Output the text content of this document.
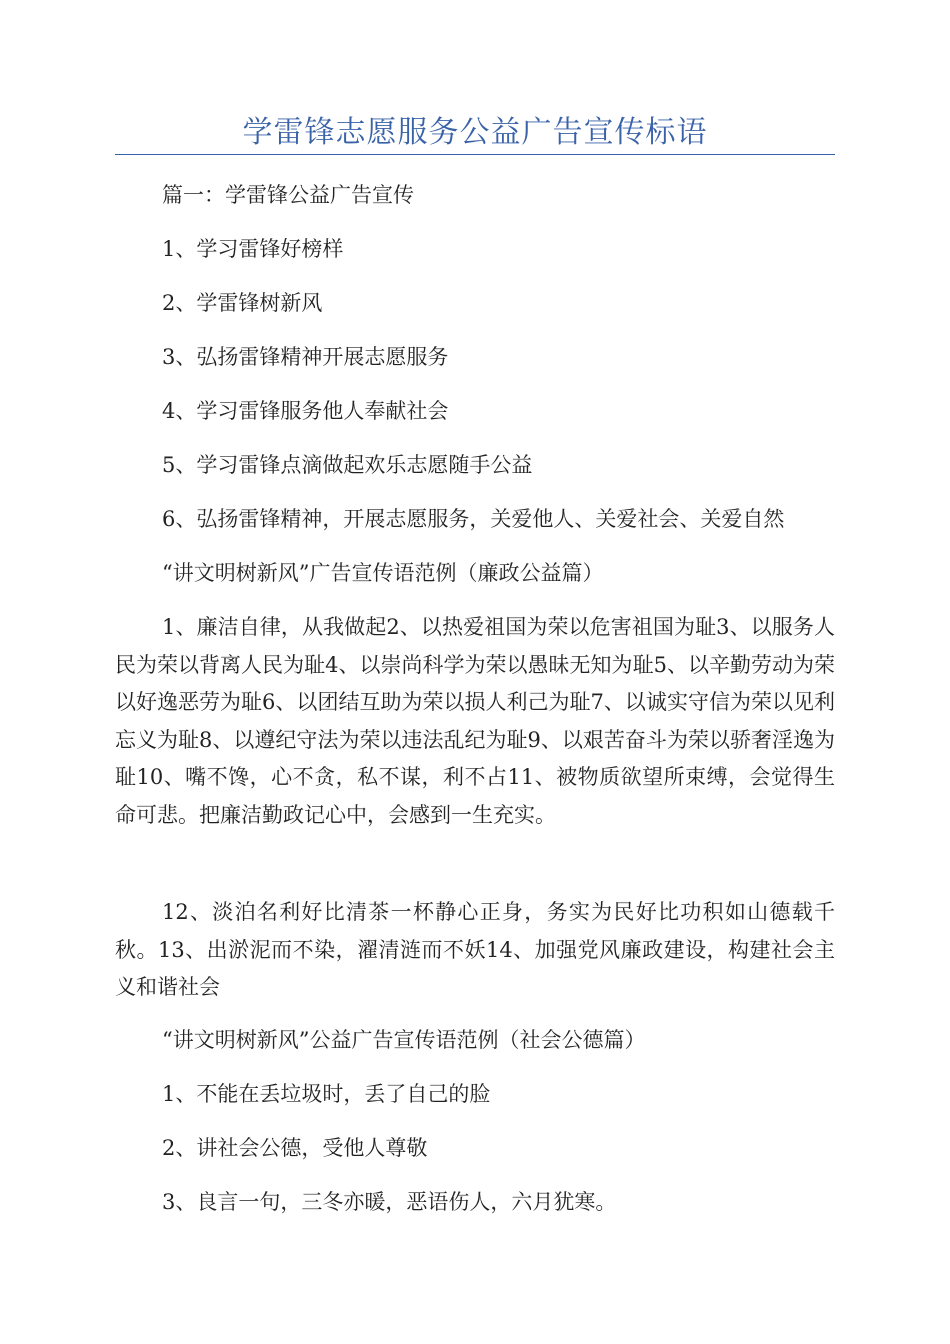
学雷锋志愿服务公益广告宣传标语
篇一：学雷锋公益广告宣传
1、学习雷锋好榜样
2、学雷锋树新风
3、弘扬雷锋精神开展志愿服务
4、学习雷锋服务他人奉献社会
5、学习雷锋点滴做起欢乐志愿随手公益
6、弘扬雷锋精神，开展志愿服务，关爱他人、关爱社会、关爱自然
“讲文明树新风”广告宣传语范例（廉政公益篇）
1、廉洁自律，从我做起2、以热爱祖国为荣以危害祖国为耻3、以服务人民为荣以背离人民为耻4、以崇尚科学为荣以愚昧无知为耻5、以辛勤劳动为荣以好逸恶劳为耻6、以团结互助为荣以损人利己为耻7、以诚实守信为荣以见利忘义为耻8、以遵纪守法为荣以违法乱纪为耻9、以艰苦奋斗为荣以骄奢淫逸为耻10、嘴不馋，心不贪，私不谋，利不占11、被物质欲望所束缚，会觉得生命可悲。把廉洁勤政记心中，会感到一生充实。
12、淡泊名利好比清茶一杯静心正身，务实为民好比功积如山德载千秋。13、出淤泥而不染，濯清涟而不妖14、加强党风廉政建设，构建社会主义和谐社会
“讲文明树新风”公益广告宣传语范例（社会公德篇）
1、不能在丢垃圾时，丢了自己的脸
2、讲社会公德，受他人尊敬
3、良言一句，三冬亦暖，恶语伤人，六月犹寒。
